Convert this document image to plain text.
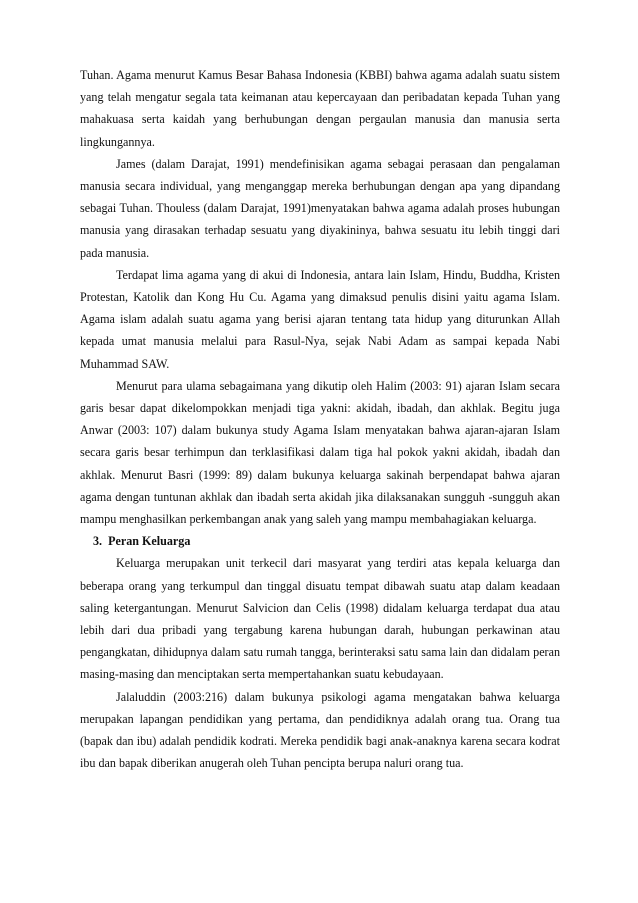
Tuhan. Agama menurut Kamus Besar Bahasa Indonesia (KBBI) bahwa agama adalah suatu sistem yang telah mengatur segala tata keimanan atau kepercayaan dan peribadatan kepada Tuhan yang mahakuasa serta kaidah yang berhubungan dengan pergaulan manusia dan manusia serta lingkungannya.

James (dalam Darajat, 1991) mendefinisikan agama sebagai perasaan dan pengalaman manusia secara individual, yang menganggap mereka berhubungan dengan apa yang dipandang sebagai Tuhan. Thouless (dalam Darajat, 1991)menyatakan bahwa agama adalah proses hubungan manusia yang dirasakan terhadap sesuatu yang diyakininya, bahwa sesuatu itu lebih tinggi dari pada manusia.

Terdapat lima agama yang di akui di Indonesia, antara lain Islam, Hindu, Buddha, Kristen Protestan, Katolik dan Kong Hu Cu. Agama yang dimaksud penulis disini yaitu agama Islam. Agama islam adalah suatu agama yang berisi ajaran tentang tata hidup yang diturunkan Allah kepada umat manusia melalui para Rasul-Nya, sejak Nabi Adam as sampai kepada Nabi Muhammad SAW.

Menurut para ulama sebagaimana yang dikutip oleh Halim (2003: 91) ajaran Islam secara garis besar dapat dikelompokkan menjadi tiga yakni: akidah, ibadah, dan akhlak. Begitu juga Anwar (2003: 107) dalam bukunya study Agama Islam menyatakan bahwa ajaran-ajaran Islam secara garis besar terhimpun dan terklasifikasi dalam tiga hal pokok yakni akidah, ibadah dan akhlak. Menurut Basri (1999: 89) dalam bukunya keluarga sakinah berpendapat bahwa ajaran agama dengan tuntunan akhlak dan ibadah serta akidah jika dilaksanakan sungguh -sungguh akan mampu menghasilkan perkembangan anak yang saleh yang mampu membahagiakan keluarga.

3. Peran Keluarga

Keluarga merupakan unit terkecil dari masyarat yang terdiri atas kepala keluarga dan beberapa orang yang terkumpul dan tinggal disuatu tempat dibawah suatu atap dalam keadaan saling ketergantungan. Menurut Salvicion dan Celis (1998) didalam keluarga terdapat dua atau lebih dari dua pribadi yang tergabung karena hubungan darah, hubungan perkawinan atau pengangkatan, dihidupnya dalam satu rumah tangga, berinteraksi satu sama lain dan didalam peran masing-masing dan menciptakan serta mempertahankan suatu kebudayaan.

Jalaluddin (2003:216) dalam bukunya psikologi agama mengatakan bahwa keluarga merupakan lapangan pendidikan yang pertama, dan pendidiknya adalah orang tua. Orang tua (bapak dan ibu) adalah pendidik kodrati. Mereka pendidik bagi anak-anaknya karena secara kodrat ibu dan bapak diberikan anugerah oleh Tuhan pencipta berupa naluri orang tua.
